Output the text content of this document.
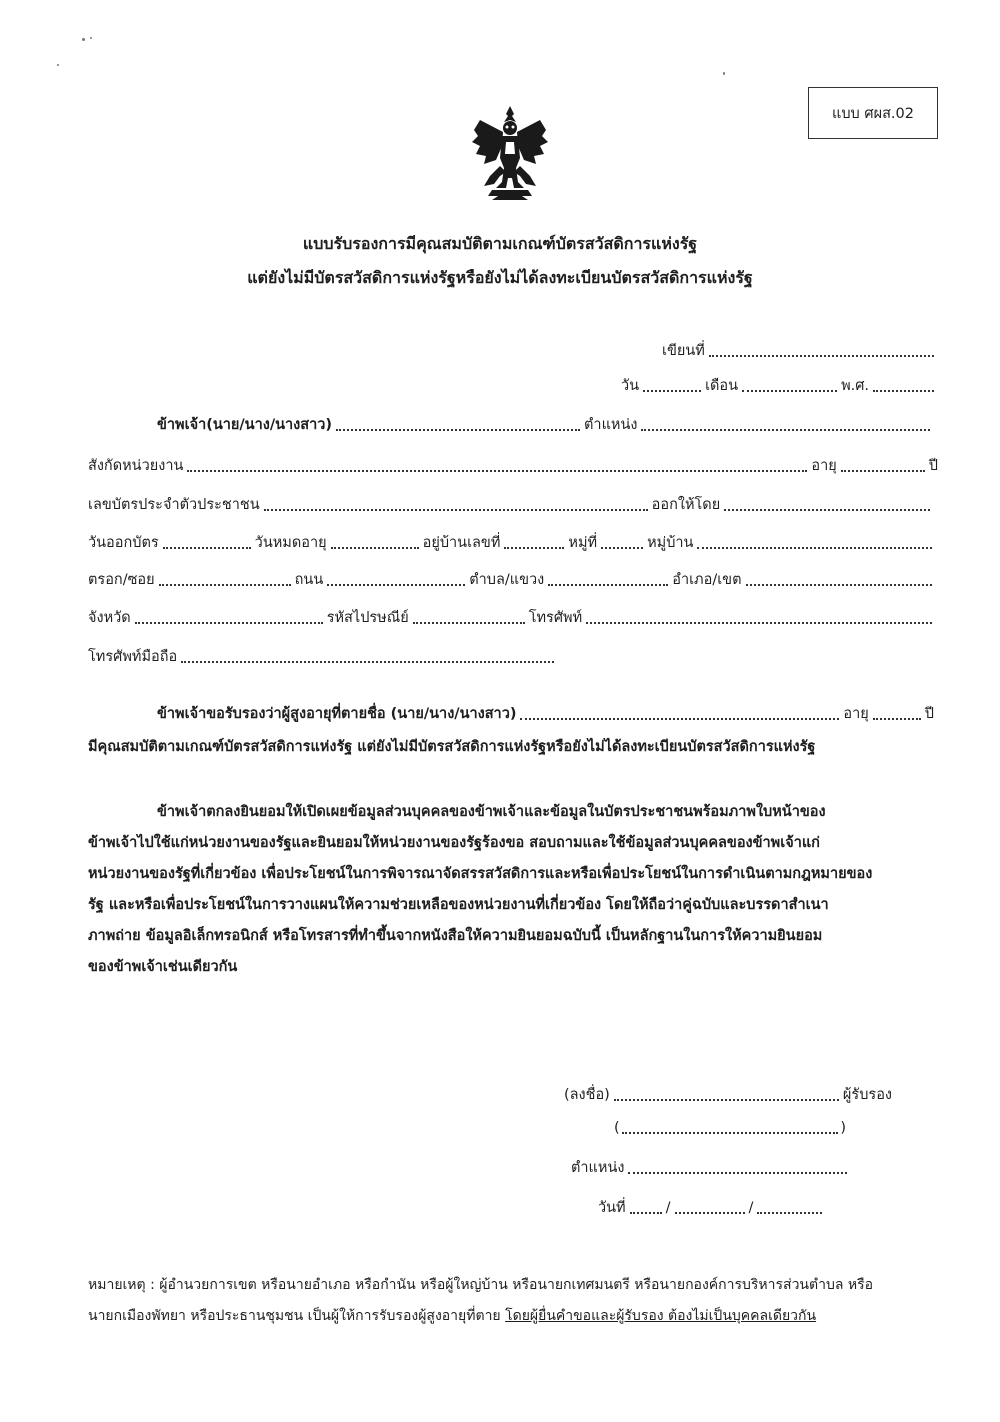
แบบ ศผส.02
แบบรับรองการมีคุณสมบัติตามเกณฑ์บัตรสวัสดิการแห่งรัฐ
แต่ยังไม่มีบัตรสวัสดิการแห่งรัฐหรือยังไม่ได้ลงทะเบียนบัตรสวัสดิการแห่งรัฐ
เขียนที่
วัน	เดือน	พ.ศ.
ข้าพเจ้า(นาย/นาง/นางสาว)	ตำแหน่ง
สังกัดหน่วยงาน	อายุ	ปี
เลขบัตรประจำตัวประชาชน	ออกให้โดย
วันออกบัตร	วันหมดอายุ	อยู่บ้านเลขที่	หมู่ที่	หมู่บ้าน
ตรอก/ซอย	ถนน	ตำบล/แขวง	อำเภอ/เขต
จังหวัด	รหัสไปรษณีย์	โทรศัพท์
โทรศัพท์มือถือ
ข้าพเจ้าขอรับรองว่าผู้สูงอายุที่ตายชื่อ (นาย/นาง/นางสาว)	อายุ	ปี
มีคุณสมบัติตามเกณฑ์บัตรสวัสดิการแห่งรัฐ แต่ยังไม่มีบัตรสวัสดิการแห่งรัฐหรือยังไม่ได้ลงทะเบียนบัตรสวัสดิการแห่งรัฐ
ข้าพเจ้าตกลงยินยอมให้เปิดเผยข้อมูลส่วนบุคคลของข้าพเจ้าและข้อมูลในบัตรประชาชนพร้อมภาพใบหน้าของ
ข้าพเจ้าไปใช้แก่หน่วยงานของรัฐและยินยอมให้หน่วยงานของรัฐร้องขอ สอบถามและใช้ข้อมูลส่วนบุคคลของข้าพเจ้าแก่
หน่วยงานของรัฐที่เกี่ยวข้อง เพื่อประโยชน์ในการพิจารณาจัดสรรสวัสดิการและหรือเพื่อประโยชน์ในการดำเนินตามกฎหมายของ
รัฐ และหรือเพื่อประโยชน์ในการวางแผนให้ความช่วยเหลือของหน่วยงานที่เกี่ยวข้อง โดยให้ถือว่าคู่ฉบับและบรรดาสำเนา
ภาพถ่าย ข้อมูลอิเล็กทรอนิกส์ หรือโทรสารที่ทำขึ้นจากหนังสือให้ความยินยอมฉบับนี้ เป็นหลักฐานในการให้ความยินยอม
ของข้าพเจ้าเช่นเดียวกัน
(ลงชื่อ)	ผู้รับรอง
(	)
ตำแหน่ง
วันที่	/	/
หมายเหตุ : ผู้อำนวยการเขต หรือนายอำเภอ หรือกำนัน หรือผู้ใหญ่บ้าน หรือนายกเทศมนตรี หรือนายกองค์การบริหารส่วนตำบล หรือ
นายกเมืองพัทยา หรือประธานชุมชน เป็นผู้ให้การรับรองผู้สูงอายุที่ตาย โดยผู้ยื่นคำขอและผู้รับรอง ต้องไม่เป็นบุคคลเดียวกัน
